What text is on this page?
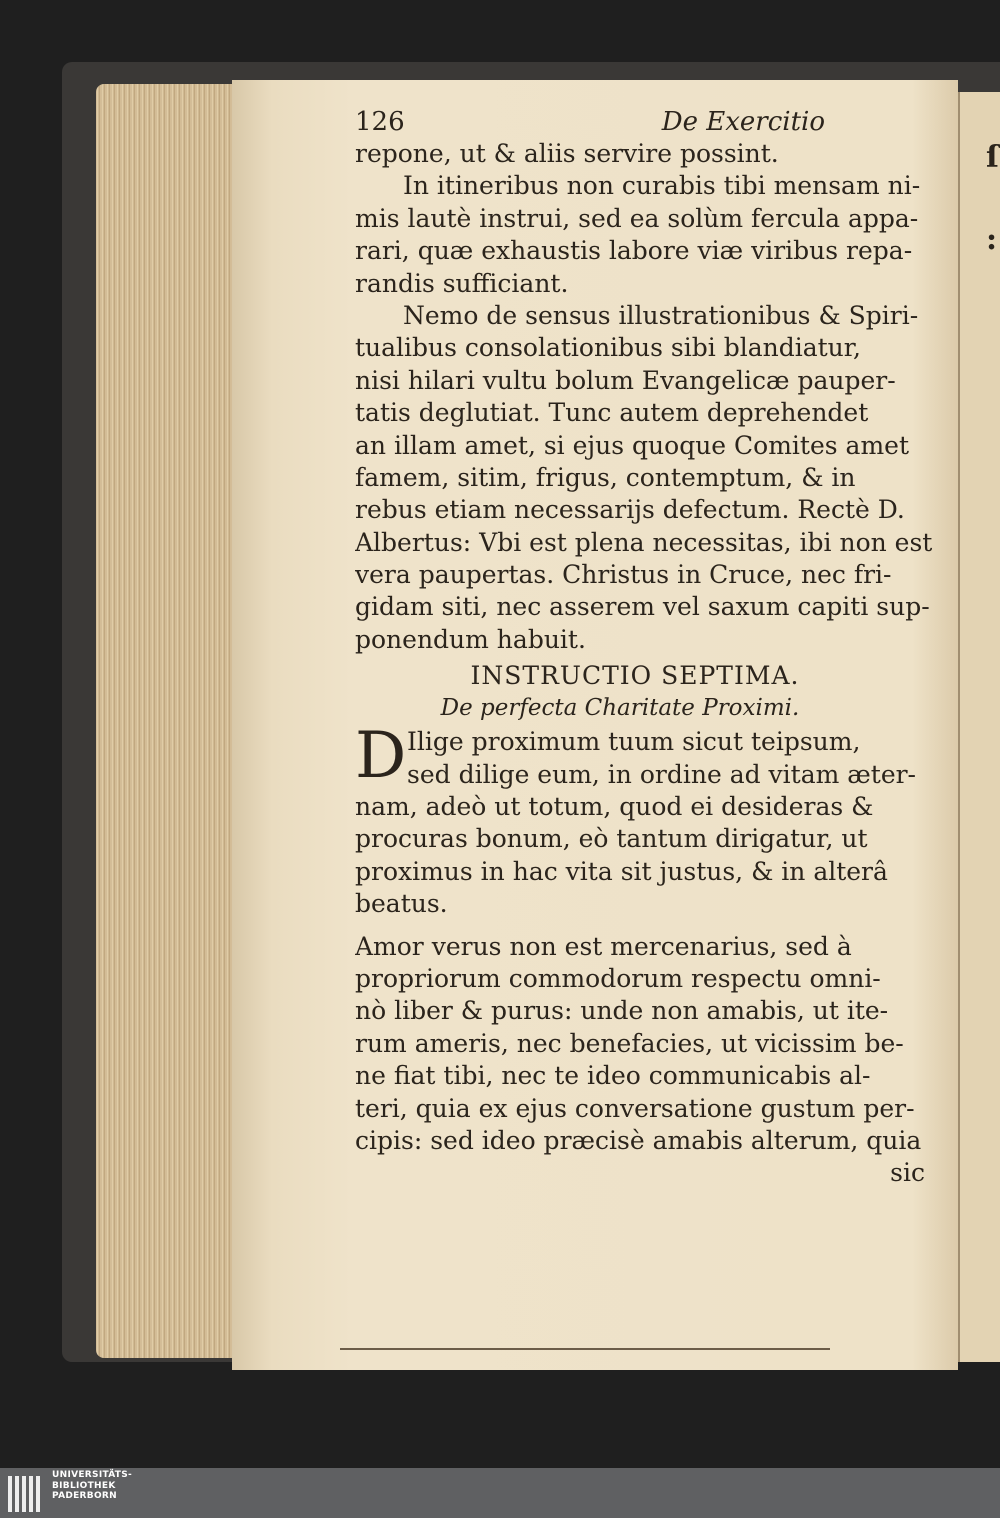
ſ
:
126	De Exercitio
repone, ut & aliis servire possint.
In itineribus non curabis tibi mensam ni-
mis lautè instrui, sed ea solùm fercula appa-
rari, quæ exhaustis labore viæ viribus repa-
randis sufficiant.
Nemo de sensus illustrationibus & Spiri-
tualibus consolationibus sibi blandiatur,
nisi hilari vultu bolum Evangelicæ pauper-
tatis deglutiat. Tunc autem deprehendet
an illam amet, si ejus quoque Comites amet
famem, sitim, frigus, contemptum, & in
rebus etiam necessarijs defectum. Rectè D.
Albertus: Vbi est plena necessitas, ibi non est
vera paupertas. Christus in Cruce, nec fri-
gidam siti, nec asserem vel saxum capiti sup-
ponendum habuit.
INSTRUCTIO SEPTIMA.
De perfecta Charitate Proximi.
D Ilige proximum tuum sicut teipsum,
sed dilige eum, in ordine ad vitam æter-
nam, adeò ut totum, quod ei desideras &
procuras bonum, eò tantum dirigatur, ut
proximus in hac vita sit justus, & in alterâ
beatus.
Amor verus non est mercenarius, sed à
propriorum commodorum respectu omni-
nò liber & purus: unde non amabis, ut ite-
rum ameris, nec benefacies, ut vicissim be-
ne fiat tibi, nec te ideo communicabis al-
teri, quia ex ejus conversatione gustum per-
cipis: sed ideo præcisè amabis alterum, quia
sic
UNIVERSITÄTS-
BIBLIOTHEK
PADERBORN
